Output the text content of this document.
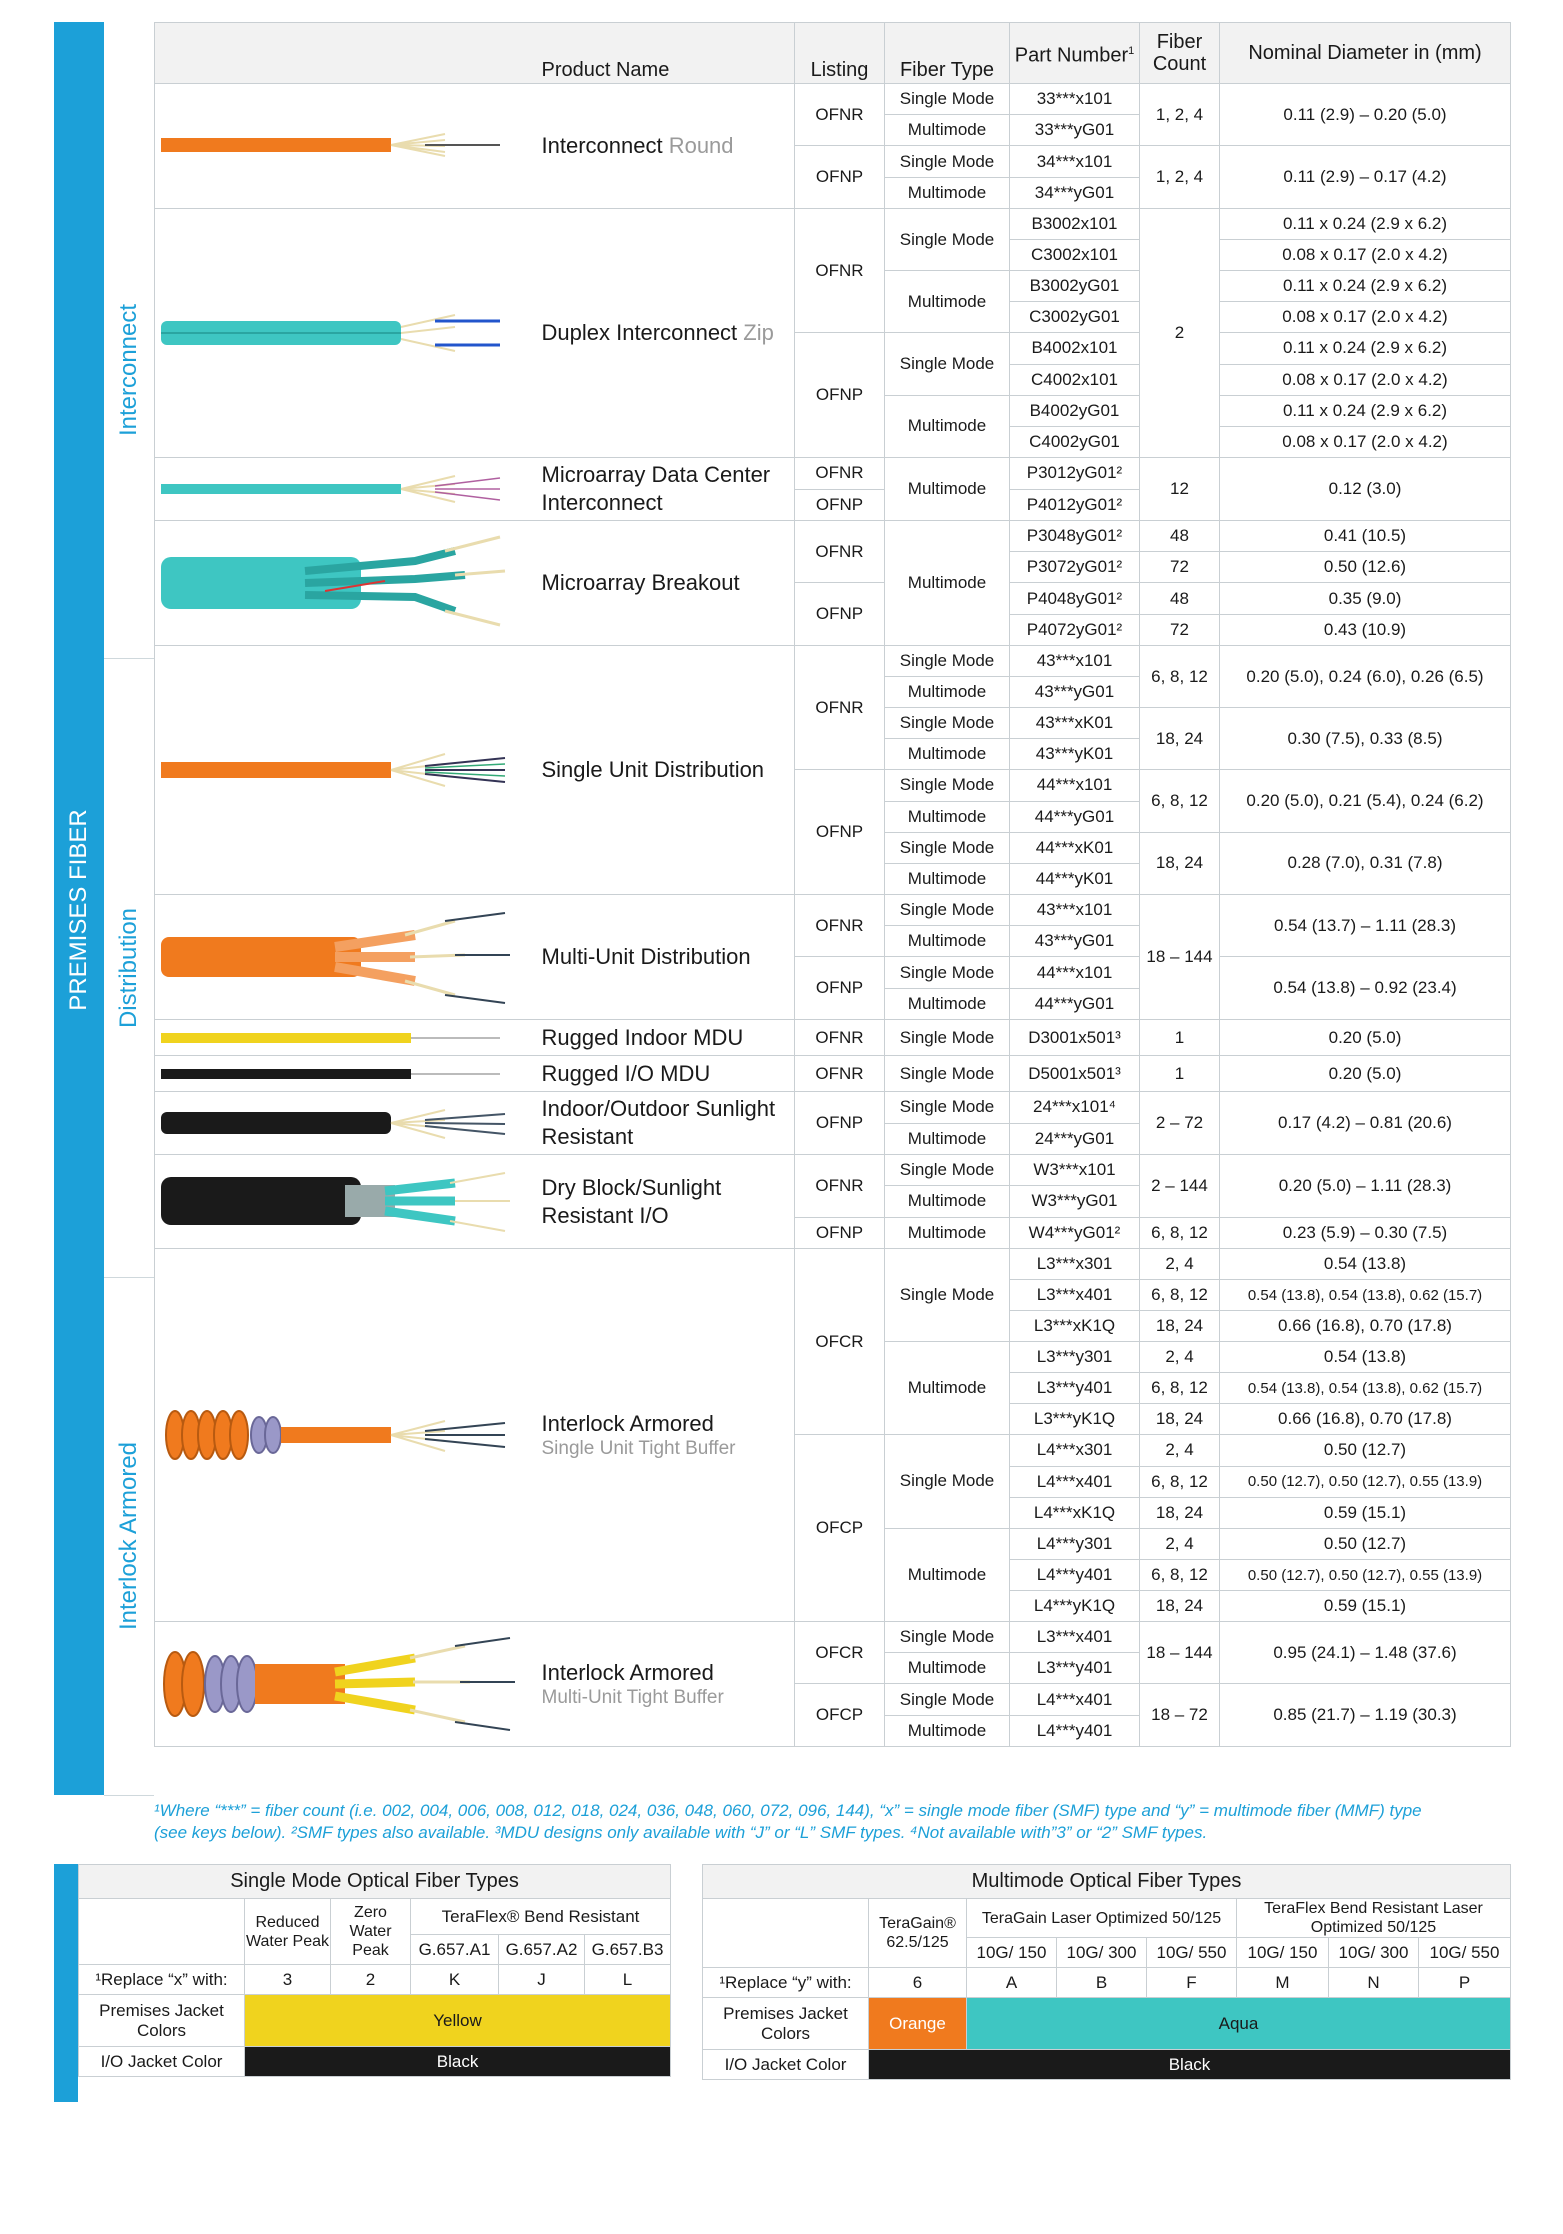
PREMISES FIBER
Interconnect
Distribution
Interlock Armored
	Product Name	Listing	Fiber Type	Part Number$^1$	Fiber Count	Nominal Diameter in (mm)

	Interconnect Round	OFNR	Single Mode	33***x101	1, 2, 4	0.11 (2.9) – 0.20 (5.0)
			Multimode	33***yG01		
		OFNP	Single Mode	34***x101	1, 2, 4	0.11 (2.9) – 0.17 (4.2)
			Multimode	34***yG01		

	Duplex Interconnect Zip	OFNR	Single Mode	B3002x101	2	0.11 x 0.24 (2.9 x 6.2)
				C3002x101		0.08 x 0.17 (2.0 x 4.2)
			Multimode	B3002yG01		0.11 x 0.24 (2.9 x 6.2)
				C3002yG01		0.08 x 0.17 (2.0 x 4.2)
		OFNP	Single Mode	B4002x101		0.11 x 0.24 (2.9 x 6.2)
				C4002x101		0.08 x 0.17 (2.0 x 4.2)
			Multimode	B4002yG01		0.11 x 0.24 (2.9 x 6.2)
				C4002yG01		0.08 x 0.17 (2.0 x 4.2)

	Microarray Data Center Interconnect	OFNR	Multimode	P3012yG01²	12	0.12 (3.0)
		OFNP		P4012yG01²		

	Microarray Breakout	OFNR	Multimode	P3048yG01²	48	0.41 (10.5)
				P3072yG01²	72	0.50 (12.6)
		OFNP		P4048yG01²	48	0.35 (9.0)
				P4072yG01²	72	0.43 (10.9)

	Single Unit Distribution	OFNR	Single Mode	43***x101	6, 8, 12	0.20 (5.0), 0.24 (6.0), 0.26 (6.5)
			Multimode	43***yG01		
			Single Mode	43***xK01	18, 24	0.30 (7.5), 0.33 (8.5)
			Multimode	43***yK01		
		OFNP	Single Mode	44***x101	6, 8, 12	0.20 (5.0), 0.21 (5.4), 0.24 (6.2)
			Multimode	44***yG01		
			Single Mode	44***xK01	18, 24	0.28 (7.0), 0.31 (7.8)
			Multimode	44***yK01		

	Multi-Unit Distribution	OFNR	Single Mode	43***x101	18 – 144	0.54 (13.7) – 1.11 (28.3)
			Multimode	43***yG01		
		OFNP	Single Mode	44***x101		0.54 (13.8) – 0.92 (23.4)
			Multimode	44***yG01		

	Rugged Indoor MDU	OFNR	Single Mode	D3001x501³	1	0.20 (5.0)

	Rugged I/O MDU	OFNR	Single Mode	D5001x501³	1	0.20 (5.0)

	Indoor/Outdoor Sunlight Resistant	OFNP	Single Mode	24***x101⁴	2 – 72	0.17 (4.2) – 0.81 (20.6)
			Multimode	24***yG01		

	Dry Block/Sunlight Resistant I/O	OFNR	Single Mode	W3***x101	2 – 144	0.20 (5.0) – 1.11 (28.3)
			Multimode	W3***yG01		
		OFNP	Multimode	W4***yG01²	6, 8, 12	0.23 (5.9) – 0.30 (7.5)

	Interlock Armored
Single Unit Tight Buffer	OFCR	Single Mode	L3***x301	2, 4	0.54 (13.8)
				L3***x401	6, 8, 12	0.54 (13.8), 0.54 (13.8), 0.62 (15.7)
				L3***xK1Q	18, 24	0.66 (16.8), 0.70 (17.8)
			Multimode	L3***y301	2, 4	0.54 (13.8)
				L3***y401	6, 8, 12	0.54 (13.8), 0.54 (13.8), 0.62 (15.7)
				L3***yK1Q	18, 24	0.66 (16.8), 0.70 (17.8)
		OFCP	Single Mode	L4***x301	2, 4	0.50 (12.7)
				L4***x401	6, 8, 12	0.50 (12.7), 0.50 (12.7), 0.55 (13.9)
				L4***xK1Q	18, 24	0.59 (15.1)
			Multimode	L4***y301	2, 4	0.50 (12.7)
				L4***y401	6, 8, 12	0.50 (12.7), 0.50 (12.7), 0.55 (13.9)
				L4***yK1Q	18, 24	0.59 (15.1)

	Interlock Armored
Multi-Unit Tight Buffer	OFCR	Single Mode	L3***x401	18 – 144	0.95 (24.1) – 1.48 (37.6)
			Multimode	L3***y401		
		OFCP	Single Mode	L4***x401	18 – 72	0.85 (21.7) – 1.19 (30.3)
			Multimode	L4***y401		
¹Where “***” = fiber count (i.e. 002, 004, 006, 008, 012, 018, 024, 036, 048, 060, 072, 096, 144), “x” = single mode fiber (SMF) type and “y” = multimode fiber (MMF) type
(see keys below). ²SMF types also available. ³MDU designs only available with “J” or “L” SMF types. ⁴Not available with”3” or “2” SMF types.
Single Mode Optical Fiber Types					
	Reduced Water Peak	Zero Water Peak	TeraFlex® Bend Resistant		
			G.657.A1	G.657.A2	G.657.B3
¹Replace “x” with:	3	2	K	J	L
Premises Jacket Colors	Yellow				
I/O Jacket Color	Black				
Multimode Optical Fiber Types							
	TeraGain® 62.5/125	TeraGain Laser Optimized 50/125			TeraFlex Bend Resistant Laser Optimized 50/125		
		10G/ 150	10G/ 300	10G/ 550	10G/ 150	10G/ 300	10G/ 550
¹Replace “y” with:	6	A	B	F	M	N	P
Premises Jacket Colors	Orange	Aqua					
I/O Jacket Color	Black						
